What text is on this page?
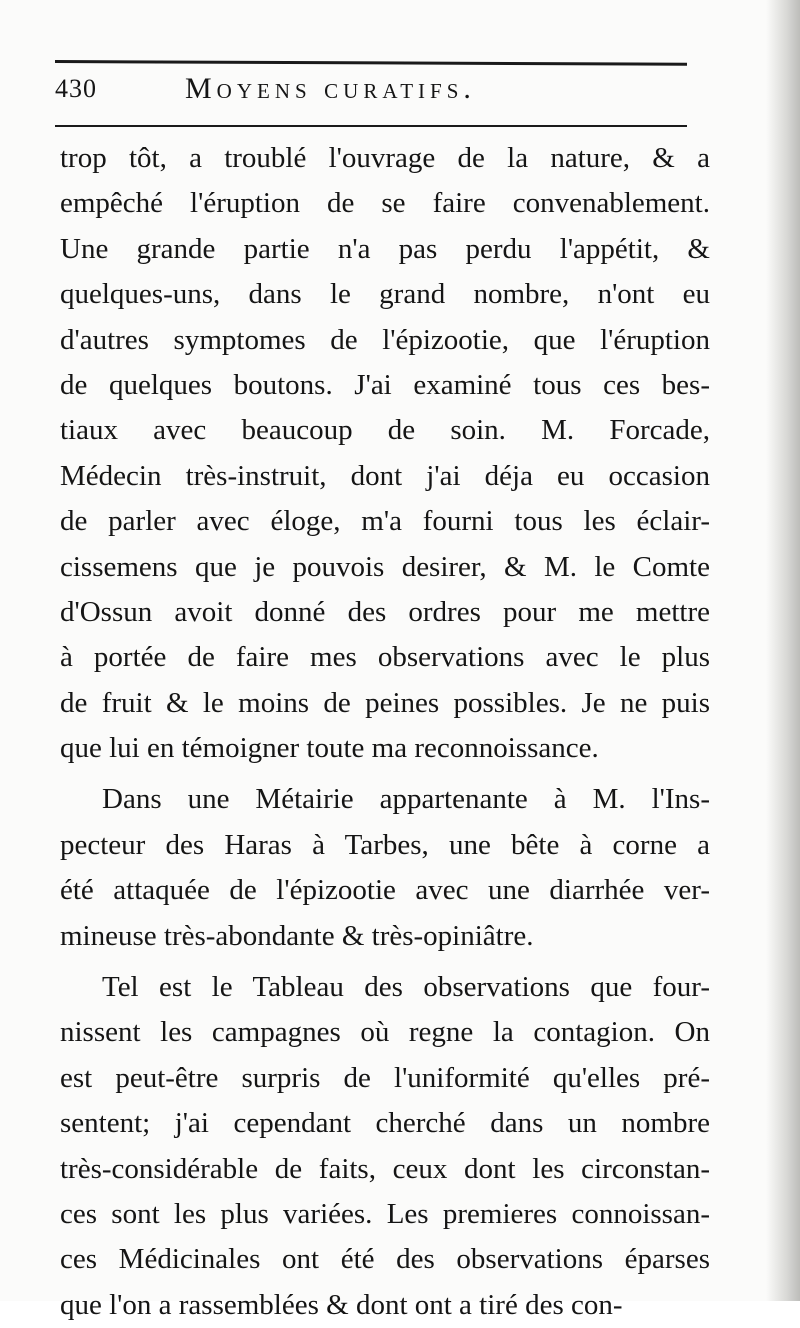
430	Moyens curatifs.
trop tôt, a troublé l'ouvrage de la nature, & a
empêché l'éruption de se faire convenablement.
Une grande partie n'a pas perdu l'appétit, &
quelques-uns, dans le grand nombre, n'ont eu
d'autres symptomes de l'épizootie, que l'éruption
de quelques boutons. J'ai examiné tous ces bes-
tiaux avec beaucoup de soin. M. Forcade,
Médecin très-instruit, dont j'ai déja eu occasion
de parler avec éloge, m'a fourni tous les éclair-
cissemens que je pouvois desirer, & M. le Comte
d'Ossun avoit donné des ordres pour me mettre
à portée de faire mes observations avec le plus
de fruit & le moins de peines possibles. Je ne puis
que lui en témoigner toute ma reconnoissance.
Dans une Métairie appartenante à M. l'Ins-
pecteur des Haras à Tarbes, une bête à corne a
été attaquée de l'épizootie avec une diarrhée ver-
mineuse très-abondante & très-opiniâtre.
Tel est le Tableau des observations que four-
nissent les campagnes où regne la contagion. On
est peut-être surpris de l'uniformité qu'elles pré-
sentent; j'ai cependant cherché dans un nombre
très-considérable de faits, ceux dont les circonstan-
ces sont les plus variées. Les premieres connoissan-
ces Médicinales ont été des observations éparses
que l'on a rassemblées & dont ont a tiré des con-
